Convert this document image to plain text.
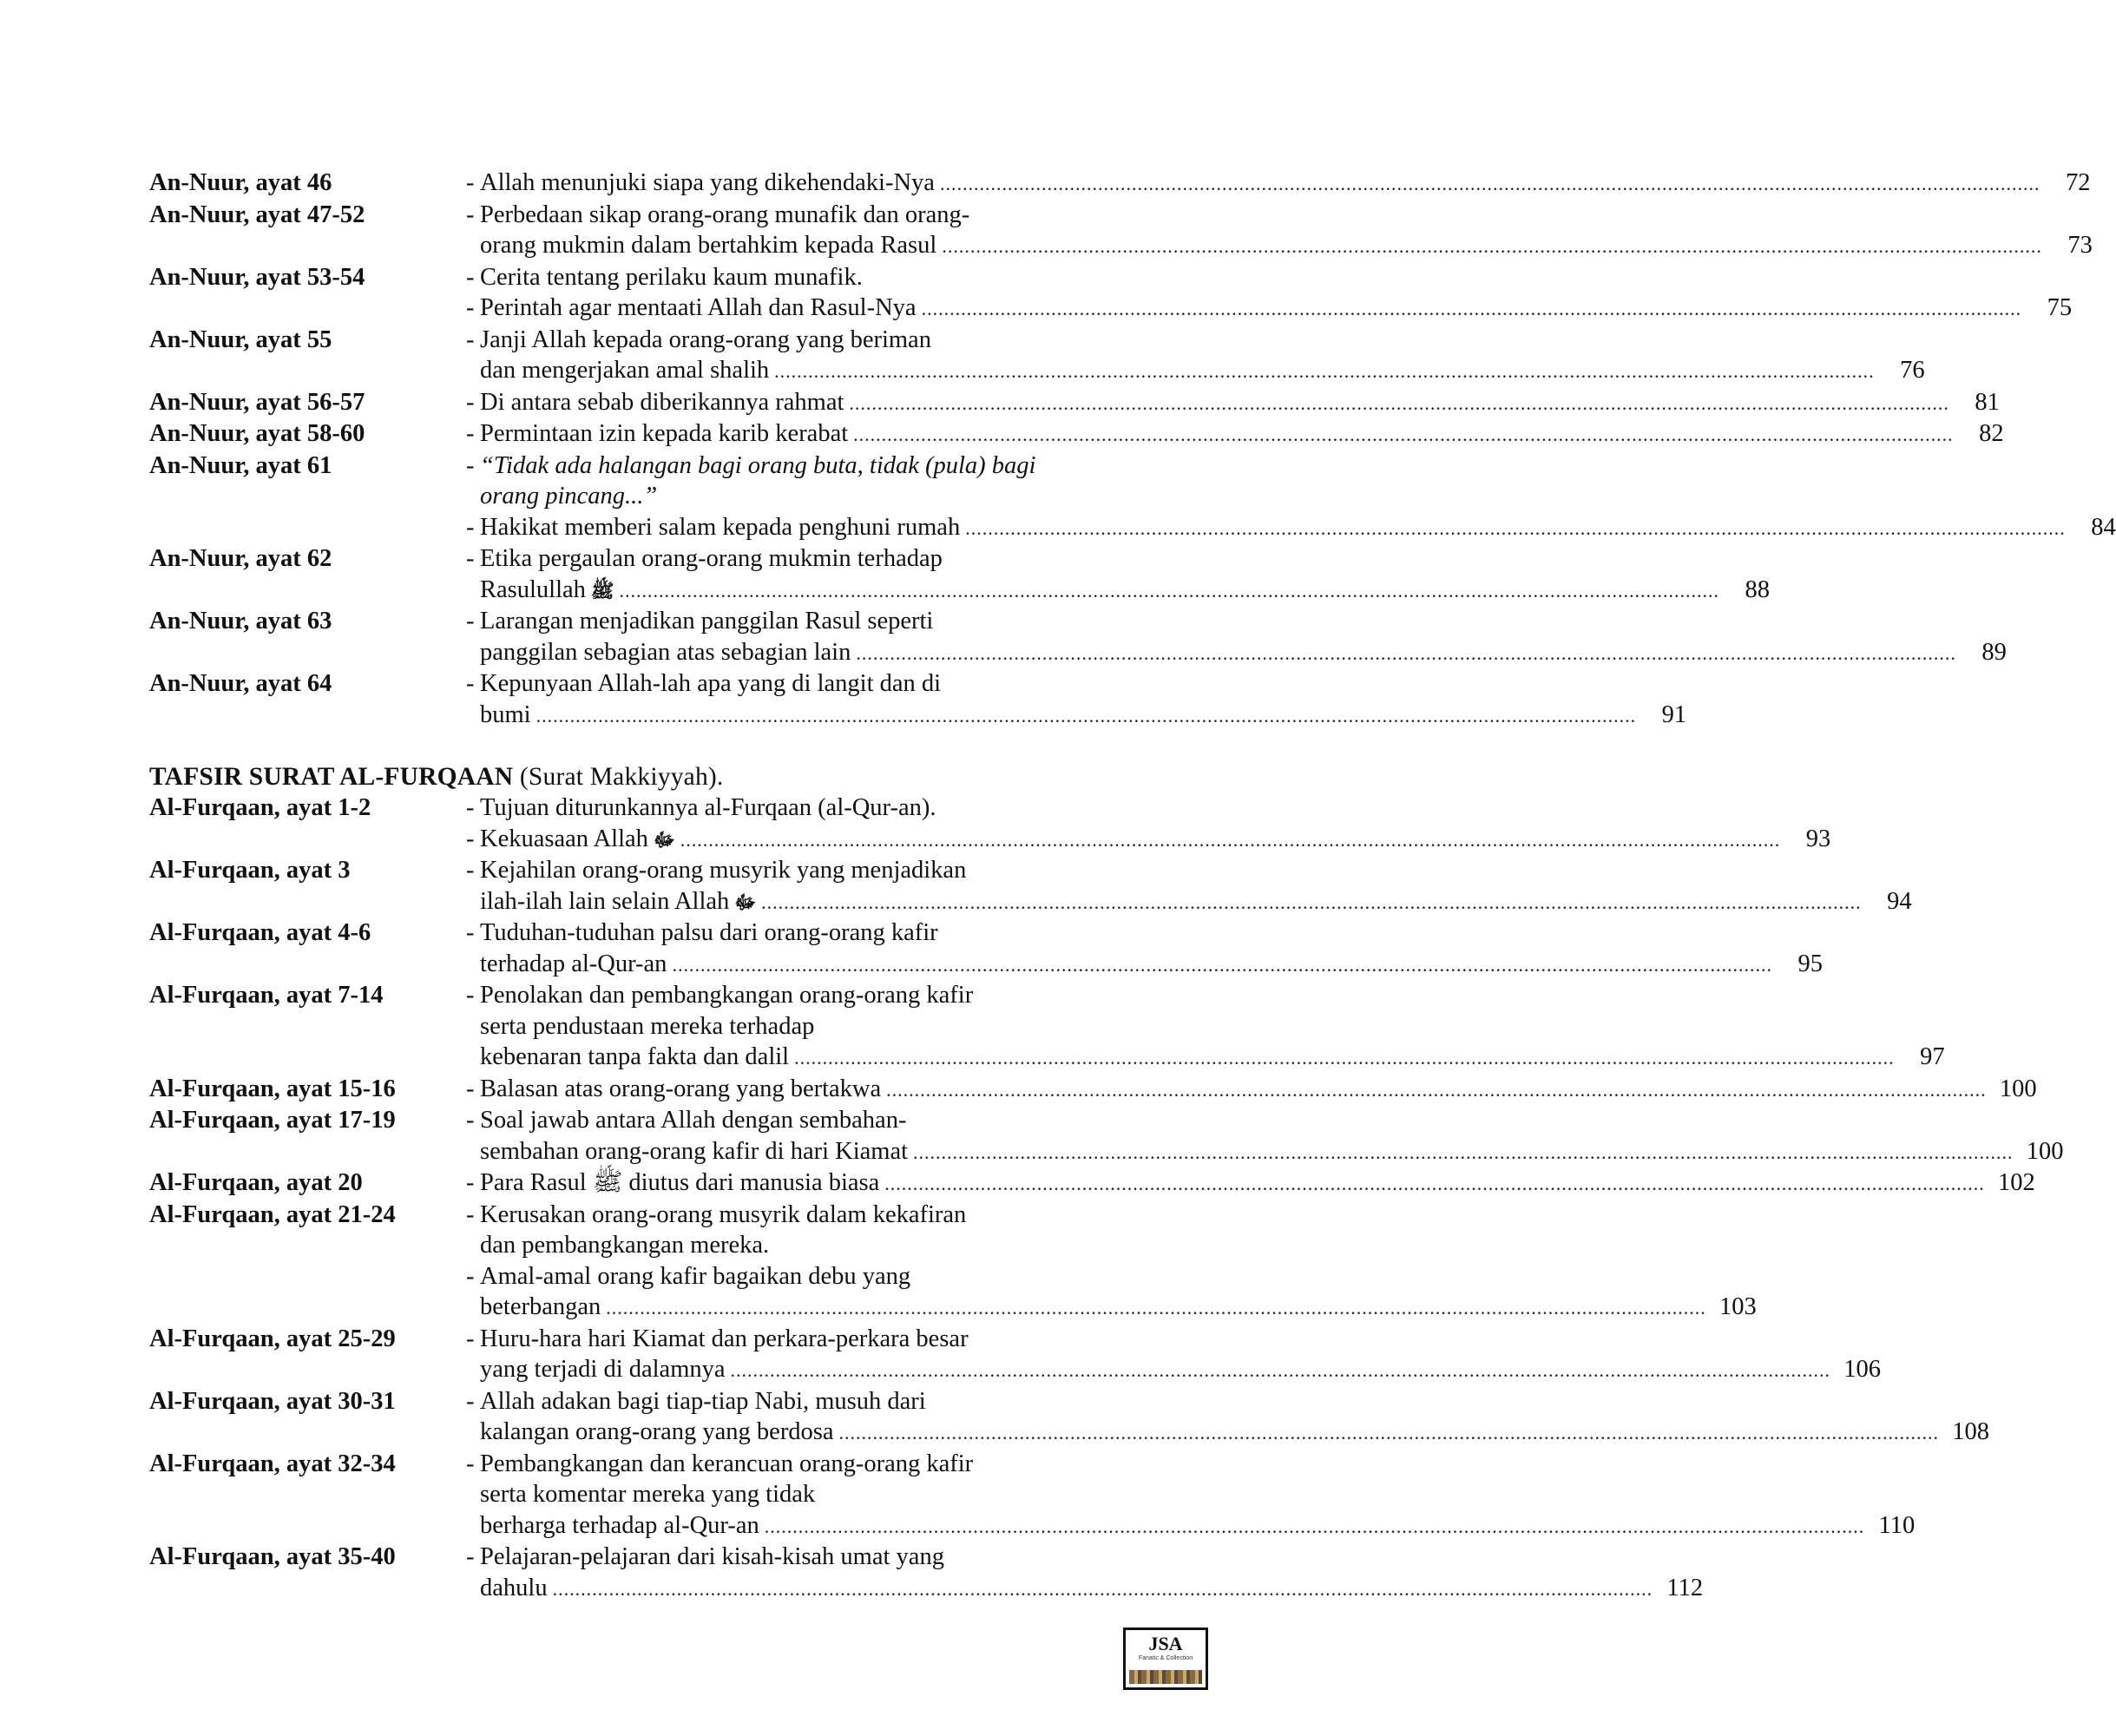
An-Nuur, ayat 46	- Allah menunjuki siapa yang dikehendaki-Nya .....	72
An-Nuur, ayat 47-52	- Perbedaan sikap orang-orang munafik dan orang-
orang mukmin dalam bertahkim kepada Rasul .....	73
An-Nuur, ayat 53-54	- Cerita tentang perilaku kaum munafik.
- Perintah agar mentaati Allah dan Rasul-Nya .....	75
An-Nuur, ayat 55	- Janji Allah kepada orang-orang yang beriman
dan mengerjakan amal shalih .....	76
An-Nuur, ayat 56-57	- Di antara sebab diberikannya rahmat .....	81
An-Nuur, ayat 58-60	- Permintaan izin kepada karib kerabat .....	82
An-Nuur, ayat 61	- “Tidak ada halangan bagi orang buta, tidak (pula) bagi
orang pincang...”
- Hakikat memberi salam kepada penghuni rumah .....	84
An-Nuur, ayat 62	- Etika pergaulan orang-orang mukmin terhadap
Rasulullah ﷺ .....	88
An-Nuur, ayat 63	- Larangan menjadikan panggilan Rasul seperti
panggilan sebagian atas sebagian lain .....	89
An-Nuur, ayat 64	- Kepunyaan Allah-lah apa yang di langit dan di
bumi .....	91
TAFSIR SURAT AL-FURQAAN (Surat Makkiyyah).
Al-Furqaan, ayat 1-2	- Tujuan diturunkannya al-Furqaan (al-Qur-an).
- Kekuasaan Allah ﷻ .....	93
Al-Furqaan, ayat 3	- Kejahilan orang-orang musyrik yang menjadikan
ilah-ilah lain selain Allah ﷻ .....	94
Al-Furqaan, ayat 4-6	- Tuduhan-tuduhan palsu dari orang-orang kafir
terhadap al-Qur-an .....	95
Al-Furqaan, ayat 7-14	- Penolakan dan pembangkangan orang-orang kafir
serta pendustaan mereka terhadap
kebenaran tanpa fakta dan dalil .....	97
Al-Furqaan, ayat 15-16	- Balasan atas orang-orang yang bertakwa .....	100
Al-Furqaan, ayat 17-19	- Soal jawab antara Allah dengan sembahan-
sembahan orang-orang kafir di hari Kiamat .....	100
Al-Furqaan, ayat 20	- Para Rasul ﷺ diutus dari manusia biasa .....	102
Al-Furqaan, ayat 21-24	- Kerusakan orang-orang musyrik dalam kekafiran
dan pembangkangan mereka.
- Amal-amal orang kafir bagaikan debu yang
beterbangan .....	103
Al-Furqaan, ayat 25-29	- Huru-hara hari Kiamat dan perkara-perkara besar
yang terjadi di dalamnya .....	106
Al-Furqaan, ayat 30-31	- Allah adakan bagi tiap-tiap Nabi, musuh dari
kalangan orang-orang yang berdosa .....	108
Al-Furqaan, ayat 32-34	- Pembangkangan dan kerancuan orang-orang kafir
serta komentar mereka yang tidak
berharga terhadap al-Qur-an .....	110
Al-Furqaan, ayat 35-40	- Pelajaran-pelajaran dari kisah-kisah umat yang
dahulu .....	112
JSA
Fanatic & Collection
